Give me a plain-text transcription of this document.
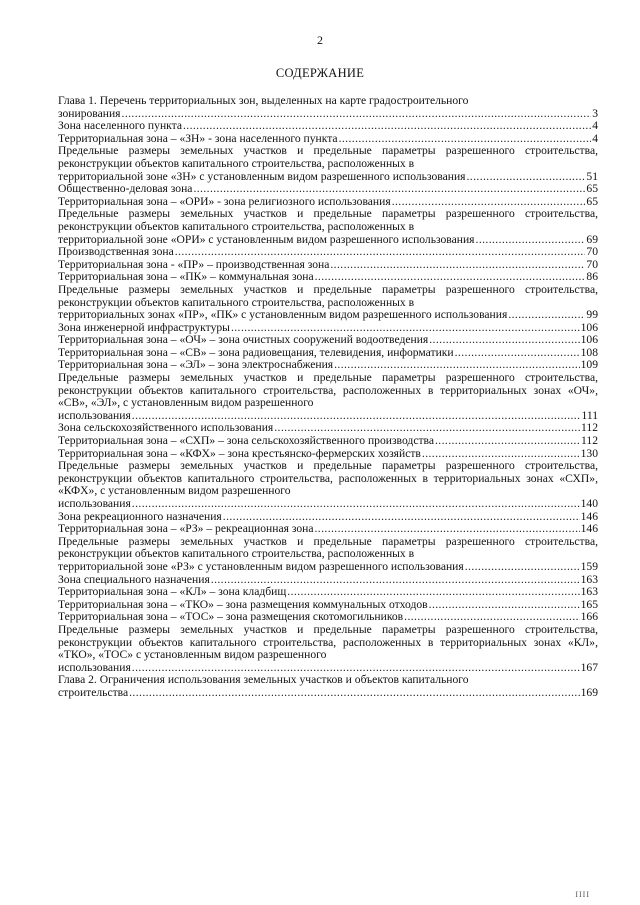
2
СОДЕРЖАНИЕ
Глава 1. Перечень территориальных зон, выделенных на карте градостроительного
зонирования .....	3
Зона населенного пункта .....	4
Территориальная зона – «ЗН» - зона населенного пункта .....	4
Предельные размеры земельных участков и предельные параметры разрешенного строительства, реконструкции объектов капитального строительства, расположенных в
территориальной зоне «ЗН» с установленным видом разрешенного использования .....	51
Общественно-деловая зона .....	65
Территориальная зона – «ОРИ» - зона религиозного использования .....	65
Предельные размеры земельных участков и предельные параметры разрешенного строительства, реконструкции объектов капитального строительства, расположенных в
территориальной зоне «ОРИ» с установленным видом разрешенного использования .....	69
Производственная зона .....	70
Территориальная зона - «ПР» – производственная зона .....	70
Территориальная зона – «ПК» – коммунальная зона .....	86
Предельные размеры земельных участков и предельные параметры разрешенного строительства, реконструкции объектов капитального строительства, расположенных в
территориальных зонах «ПР», «ПК» с установленным видом разрешенного использования .....	99
Зона инженерной инфраструктуры .....	106
Территориальная зона – «ОЧ» – зона очистных сооружений водоотведения .....	106
Территориальная зона – «СВ» – зона радиовещания, телевидения, информатики .....	108
Территориальная зона – «ЭЛ» – зона электроснабжения .....	109
Предельные размеры земельных участков и предельные параметры разрешенного строительства, реконструкции объектов капитального строительства, расположенных в территориальных зонах «ОЧ», «СВ», «ЭЛ», с установленным видом разрешенного
использования .....	111
Зона сельскохозяйственного использования .....	112
Территориальная зона – «СХП» – зона сельскохозяйственного производства .....	112
Территориальная зона – «КФХ» – зона крестьянско-фермерских хозяйств .....	130
Предельные размеры земельных участков и предельные параметры разрешенного строительства, реконструкции объектов капитального строительства, расположенных в территориальных зонах «СХП», «КФХ», с установленным видом разрешенного
использования .....	140
Зона рекреационного назначения .....	146
Территориальная зона – «РЗ» – рекреационная зона .....	146
Предельные размеры земельных участков и предельные параметры разрешенного строительства, реконструкции объектов капитального строительства, расположенных в
территориальной зоне «РЗ» с установленным видом разрешенного использования .....	159
Зона специального назначения .....	163
Территориальная зона – «КЛ» – зона кладбищ .....	163
Территориальная зона – «ТКО» – зона размещения коммунальных отходов .....	165
Территориальная зона – «ТОС» – зона размещения скотомогильников .....	166
Предельные размеры земельных участков и предельные параметры разрешенного строительства, реконструкции объектов капитального строительства, расположенных в территориальных зонах «КЛ», «ТКО», «ТОС» с установленным видом разрешенного
использования .....	167
Глава 2. Ограничения использования земельных участков и объектов капитального
строительства .....	169
IIII
